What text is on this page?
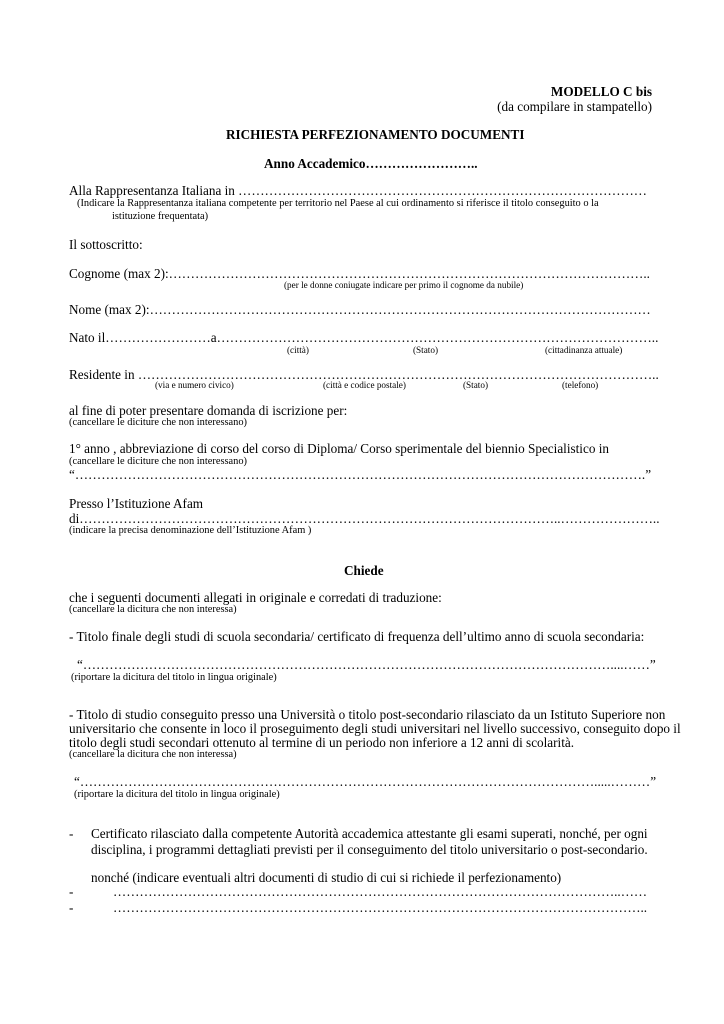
MODELLO C bis
(da compilare in stampatello)
RICHIESTA PERFEZIONAMENTO DOCUMENTI
Anno Accademico……………………..
Alla Rappresentanza Italiana in …………………………………………………………………………………
(Indicare la Rappresentanza italiana competente per territorio nel Paese al cui ordinamento si riferisce il titolo conseguito o la
istituzione frequentata)
Il sottoscritto:
Cognome (max 2):………………………………………………………………………………………………..
(per le donne coniugate indicare per primo il cognome da nubile)
Nome (max 2):……………………………………………………………………………………………………
Nato il……………………a………………………………………………………………………………………..
(città)	(Stato)	(cittadinanza attuale)
Residente in ………………………………………………………………………………………………………..
(via e numero civico)	(città e codice postale)	(Stato)	(telefono)
al fine di poter presentare domanda di iscrizione per:
(cancellare le diciture che non interessano)
1° anno , abbreviazione di corso del corso di Diploma/ Corso sperimentale del biennio Specialistico in
(cancellare le diciture che non interessano)
“………………………………………………………………………………………………………………….”
Presso l’Istituzione Afam
di………………………………………………………………………………………………..…………………..
(indicare la precisa denominazione dell’Istituzione Afam )
Chiede
che i seguenti documenti allegati in originale e corredati di traduzione:
(cancellare la dicitura che non interessa)
- Titolo finale degli studi di scuola secondaria/ certificato di frequenza dell’ultimo anno di scuola secondaria:
“…………………………………………………………………………………………………………....……”
(riportare la dicitura del titolo in lingua originale)
- Titolo di studio conseguito presso una Università o titolo post-secondario rilasciato da un Istituto Superiore non
universitario che consente in loco il proseguimento degli studi universitari nel livello successivo, conseguito dopo il
titolo degli studi secondari ottenuto al termine di un periodo non inferiore a 12 anni di scolarità.
(cancellare la dicitura che non interessa)
“……………………………………………………………………………………………………….....………”
(riportare la dicitura del titolo in lingua originale)
- Certificato rilasciato dalla competente Autorità accademica attestante gli esami superati, nonché, per ogni
disciplina, i programmi dettagliati previsti per il conseguimento del titolo universitario o post-secondario.
nonché (indicare eventuali altri documenti di studio di cui si richiede il perfezionamento)
-	……………………………………………………………………………………………………..……
-	…………………………………………………………………………………………………………..
